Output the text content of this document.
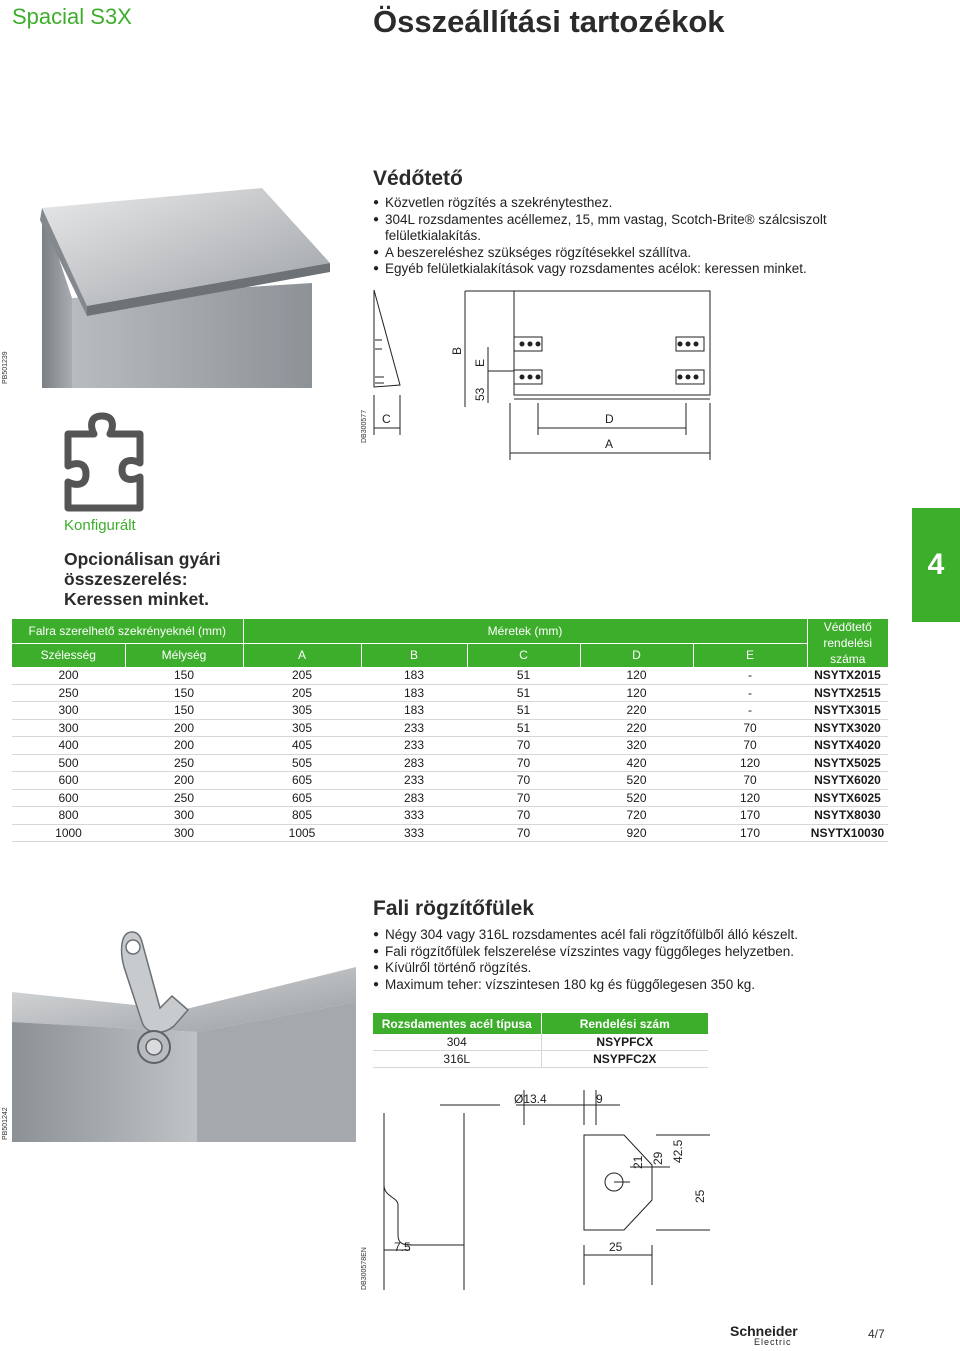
Spacial S3X	Összeállítási tartozékok
PB501239
Védőtető
● Közvetlen rögzítés a szekrénytesthez.
● 304L rozsdamentes acéllemez, 15, mm vastag, Scotch-Brite® szálcsiszolt felületkialakítás.
● A beszereléshez szükséges rögzítésekkel szállítva.
● Egyéb felületkialakítások vagy rozsdamentes acélok: keressen minket.
DB300577
B
E
53
C	D
A
Konfigurált
Opcionálisan gyári összeszerelés: Keressen minket.
4
Falra szerelhető szekrényeknél (mm)		Méretek (mm)					Védőtető rendelési száma
Szélesség	Mélység	A	B	C	D	E	
200	150	205	183	51	120	-	NSYTX2015
250	150	205	183	51	120	-	NSYTX2515
300	150	305	183	51	220	-	NSYTX3015
300	200	305	233	51	220	70	NSYTX3020
400	200	405	233	70	320	70	NSYTX4020
500	250	505	283	70	420	120	NSYTX5025
600	200	605	233	70	520	70	NSYTX6020
600	250	605	283	70	520	120	NSYTX6025
800	300	805	333	70	720	170	NSYTX8030
1000	300	1005	333	70	920	170	NSYTX10030
PB501242
Fali rögzítőfülek
● Négy 304 vagy 316L rozsdamentes acél fali rögzítőfülből álló készelt.
● Fali rögzítőfülek felszerelése vízszintes vagy függőleges helyzetben.
● Kívülről történő rögzítés.
● Maximum teher: vízszintesen 180 kg és függőlegesen 350 kg.
Rozsdamentes acél típusa	Rendelési szám
304	NSYPFCX
316L	NSYPFC2X
DB300578EN
Ø13.4	9
21 29 42.5
25
7.5	25
Schneider
Electric
4/7
